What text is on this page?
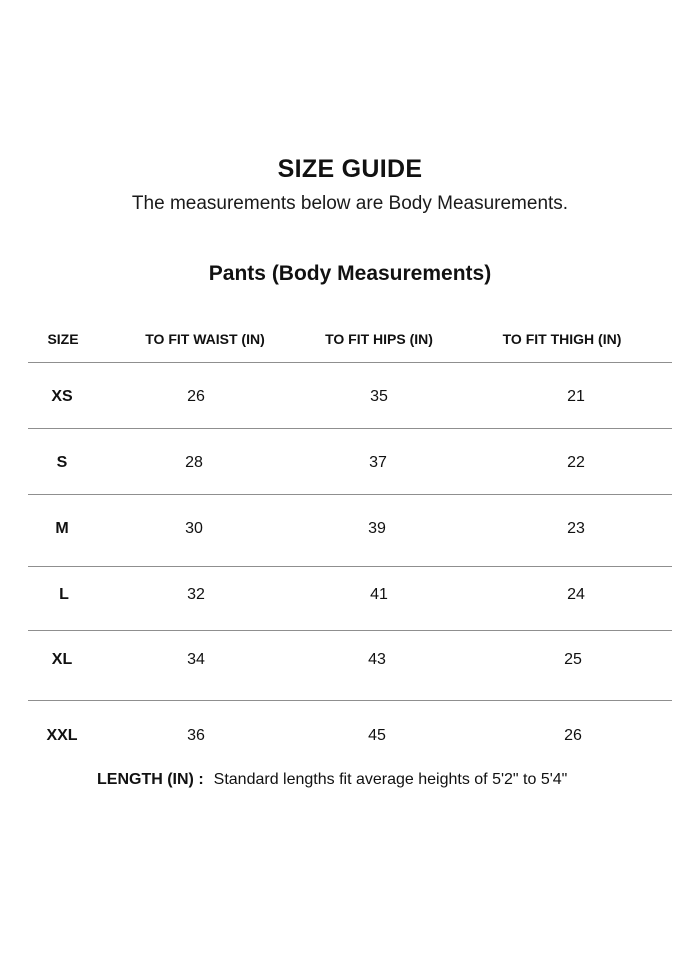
SIZE GUIDE
The measurements below are Body Measurements.
Pants (Body Measurements)
SIZE	TO FIT WAIST (IN)	TO FIT HIPS (IN)	TO FIT THIGH (IN)
XS	26	35	21
S	28	37	22
M	30	39	23
L	32	41	24
XL	34	43	25
XXL	36	45	26
LENGTH (IN) : Standard lengths fit average heights of 5'2" to 5'4"
